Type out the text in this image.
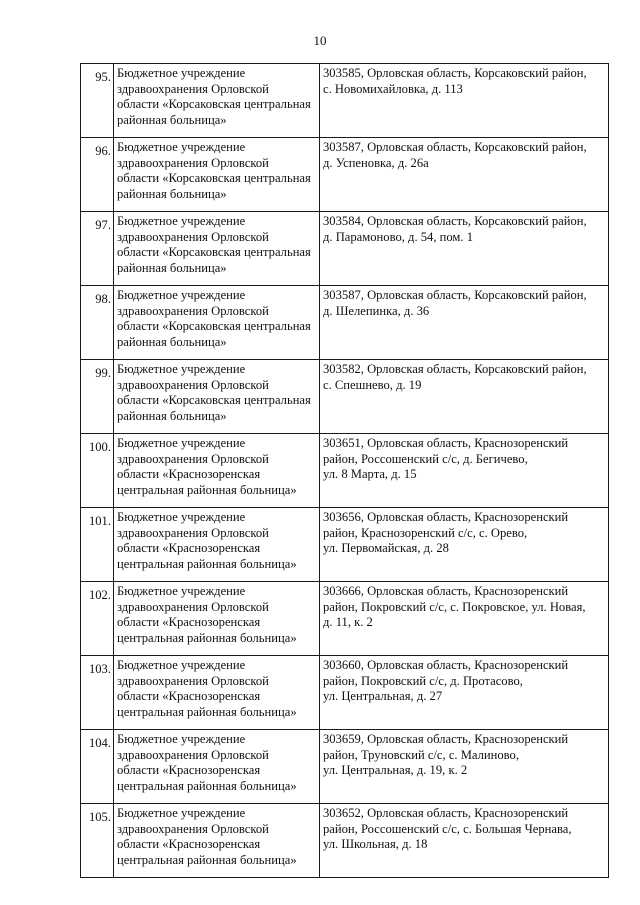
10
95.	Бюджетное учреждение
здравоохранения Орловской
области «Корсаковская центральная
районная больница»	303585, Орловская область, Корсаковский район,
с. Новомихайловка, д. 113

96.	Бюджетное учреждение
здравоохранения Орловской
области «Корсаковская центральная
районная больница»	303587, Орловская область, Корсаковский район,
д. Успеновка, д. 26а

97.	Бюджетное учреждение
здравоохранения Орловской
области «Корсаковская центральная
районная больница»	303584, Орловская область, Корсаковский район,
д. Парамоново, д. 54, пом. 1

98.	Бюджетное учреждение
здравоохранения Орловской
области «Корсаковская центральная
районная больница»	303587, Орловская область, Корсаковский район,
д. Шелепинка, д. 36

99.	Бюджетное учреждение
здравоохранения Орловской
области «Корсаковская центральная
районная больница»	303582, Орловская область, Корсаковский район,
с. Спешнево, д. 19

100.	Бюджетное учреждение
здравоохранения Орловской
области «Краснозоренская
центральная районная больница»	303651, Орловская область, Краснозоренский
район, Россошенский с/с, д. Бегичево,
ул. 8 Марта, д. 15

101.	Бюджетное учреждение
здравоохранения Орловской
области «Краснозоренская
центральная районная больница»	303656, Орловская область, Краснозоренский
район, Краснозоренский с/с, с. Орево,
ул. Первомайская, д. 28

102.	Бюджетное учреждение
здравоохранения Орловской
области «Краснозоренская
центральная районная больница»	303666, Орловская область, Краснозоренский
район, Покровский с/с, с. Покровское, ул. Новая,
д. 11, к. 2

103.	Бюджетное учреждение
здравоохранения Орловской
области «Краснозоренская
центральная районная больница»	303660, Орловская область, Краснозоренский
район, Покровский с/с, д. Протасово,
ул. Центральная, д. 27

104.	Бюджетное учреждение
здравоохранения Орловской
области «Краснозоренская
центральная районная больница»	303659, Орловская область, Краснозоренский
район, Труновский с/с, с. Малиново,
ул. Центральная, д. 19, к. 2

105.	Бюджетное учреждение
здравоохранения Орловской
области «Краснозоренская
центральная районная больница»	303652, Орловская область, Краснозоренский
район, Россошенский с/с, с. Большая Чернава,
ул. Школьная, д. 18
